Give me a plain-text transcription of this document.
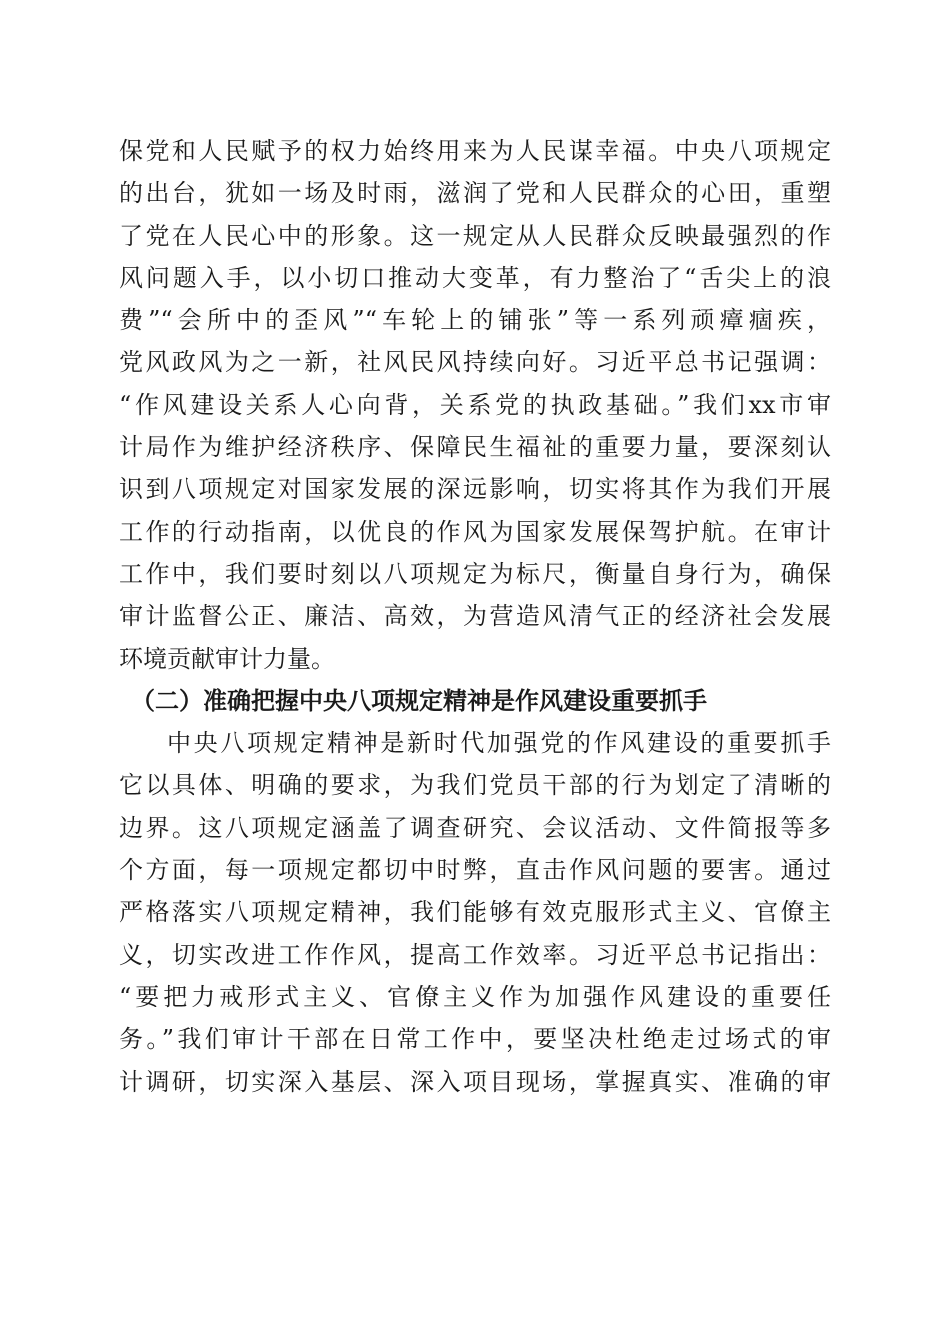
保党和人民赋予的权力始终用来为人民谋幸福。中央八项规定
的出台，犹如一场及时雨，滋润了党和人民群众的心田，重塑
了党在人民心中的形象。这一规定从人民群众反映最强烈的作
风问题入手，以小切口推动大变革，有力整治了“舌尖上的浪
费”“会所中的歪风”“车轮上的铺张”等一系列顽瘴痼疾，
党风政风为之一新，社风民风持续向好。习近平总书记强调：
“作风建设关系人心向背，关系党的执政基础。”我们xx市审
计局作为维护经济秩序、保障民生福祉的重要力量，要深刻认
识到八项规定对国家发展的深远影响，切实将其作为我们开展
工作的行动指南，以优良的作风为国家发展保驾护航。在审计
工作中，我们要时刻以八项规定为标尺，衡量自身行为，确保
审计监督公正、廉洁、高效，为营造风清气正的经济社会发展
环境贡献审计力量。
（二）准确把握中央八项规定精神是作风建设重要抓手
中央八项规定精神是新时代加强党的作风建设的重要抓手
它以具体、明确的要求，为我们党员干部的行为划定了清晰的
边界。这八项规定涵盖了调查研究、会议活动、文件简报等多
个方面，每一项规定都切中时弊，直击作风问题的要害。通过
严格落实八项规定精神，我们能够有效克服形式主义、官僚主
义，切实改进工作作风，提高工作效率。习近平总书记指出：
“要把力戒形式主义、官僚主义作为加强作风建设的重要任
务。”我们审计干部在日常工作中，要坚决杜绝走过场式的审
计调研，切实深入基层、深入项目现场，掌握真实、准确的审
